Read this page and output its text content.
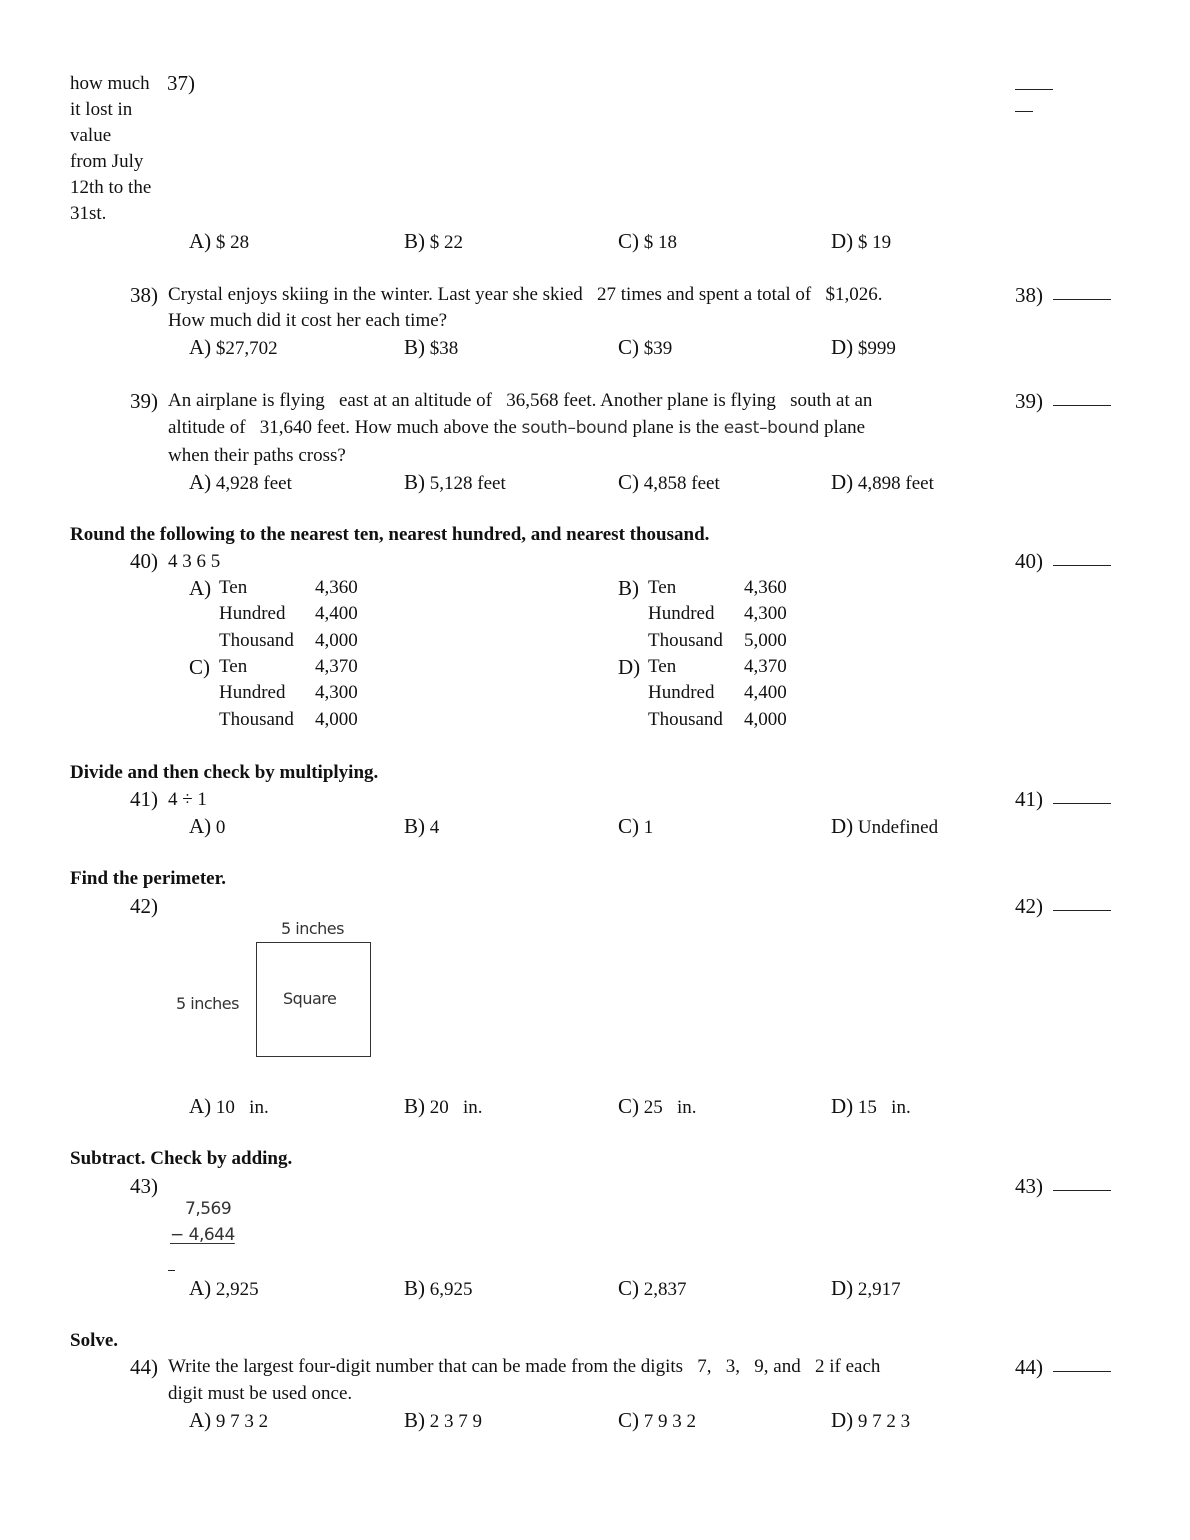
how much
it lost in
value
from July
12th to the
31st.
37)
A) $ 28	B) $ 22	C) $ 18	D) $ 19
38) Crystal enjoys skiing in the winter. Last year she skied   27 times and spent a total of   $1,026.
How much did it cost her each time?
38)
A) $27,702	B) $38	C) $39	D) $999
39) An airplane is flying   east at an altitude of   36,568 feet. Another plane is flying   south at an
altitude of   31,640 feet. How much above the south–bound plane is the east–bound plane
when their paths cross?
39)
A) 4,928 feet	B) 5,128 feet	C) 4,858 feet	D) 4,898 feet
Round the following to the nearest ten, nearest hundred, and nearest thousand.
40) 4 3 6 5	40)
A) Ten	4,360
Hundred	4,400
Thousand	4,000
B) Ten	4,360
Hundred	4,300
Thousand	5,000
C) Ten	4,370
Hundred	4,300
Thousand	4,000
D) Ten	4,370
Hundred	4,400
Thousand	4,000
Divide and then check by multiplying.
41) 4 ÷ 1	41)
A) 0	B) 4	C) 1	D) Undefined
Find the perimeter.
42)	42)
5 inches
5 inches	Square
A) 10   in.	B) 20   in.	C) 25   in.	D) 15   in.
Subtract. Check by adding.
43)	43)
7,569
− 4,644
A) 2,925	B) 6,925	C) 2,837	D) 2,917
Solve.
44) Write the largest four-digit number that can be made from the digits   7,   3,   9, and   2 if each
digit must be used once.
44)
A) 9 7 3 2	B) 2 3 7 9	C) 7 9 3 2	D) 9 7 2 3
